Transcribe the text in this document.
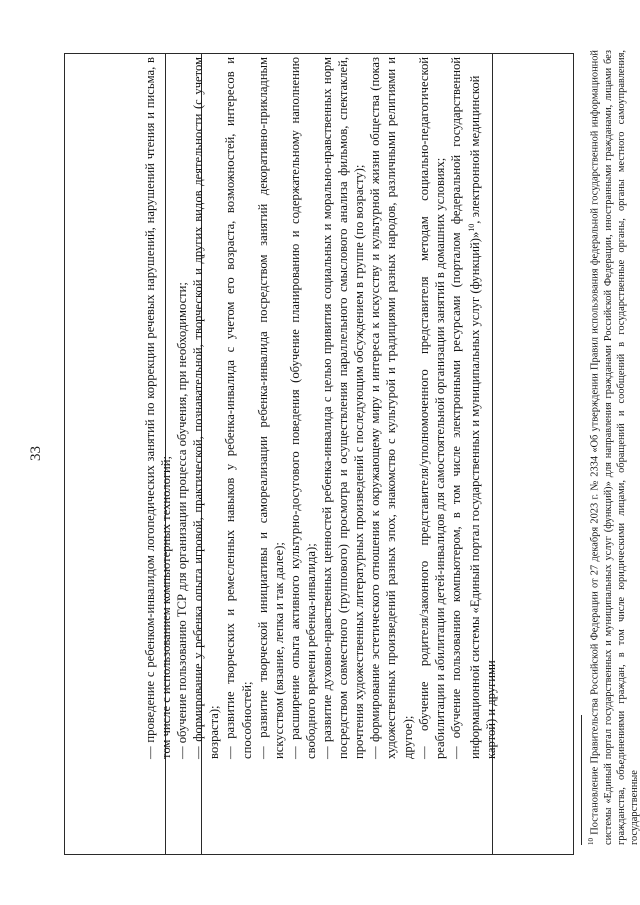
33	— проведение с ребенком-инвалидом логопедических занятий по коррекции речевых нарушений, нарушений чтения и письма, в том числе с использованием компьютерных технологий; — обучение пользованию ТСР для организации процесса обучения, при необходимости; — формирование у ребенка опыта игровой, практической, познавательной, творческой и других видов деятельности (с учетом возраста); — развитие творческих и ремесленных навыков у ребенка-инвалида с учетом его возраста, возможностей, интересов и способностей; — развитие творческой инициативы и самореализации ребенка-инвалида посредством занятий декоративно-прикладным искусством (вязание, лепка и так далее); — расширение опыта активного культурно-досугового поведения (обучение планированию и содержательному наполнению свободного времени ребенка-инвалида); — развитие духовно-нравственных ценностей ребенка-инвалида с целью привития социальных и морально-нравственных норм посредством совместного (группового) просмотра и осуществления параллельного смыслового анализа фильмов, спектаклей, прочтения художественных литературных произведений с последующим обсуждением в группе (по возрасту); — формирование эстетического отношения к окружающему миру и интереса к искусству и культурной жизни общества (показ художественных произведений разных эпох, знакомство с культурой и традициями разных народов, различными религиями и другое); — обучение родителя/законного представителя/уполномоченного представителя методам социально-педагогической реабилитации и абилитации детей-инвалидов для самостоятельной организации занятий в домашних условиях; — обучение пользованию компьютером, в том числе электронными ресурсами (порталом федеральной государственной информационной системы «Единый портал государственных и муниципальных услуг (функций)»$^{10}$, электронной медицинской

картой) и другими

$^{10}$ Постановление Правительства Российской Федерации от 27 декабря 2023 г. № 2334 «Об утверждении Правил использования федеральной государственной информационной системы «Единый портал государственных и муниципальных услуг (функций)» для направления гражданами Российской Федерации, иностранными гражданами, лицами без гражданства, объединениями граждан, в том числе юридическими лицами, обращений и сообщений в государственные органы, органы местного самоуправления, государственные
